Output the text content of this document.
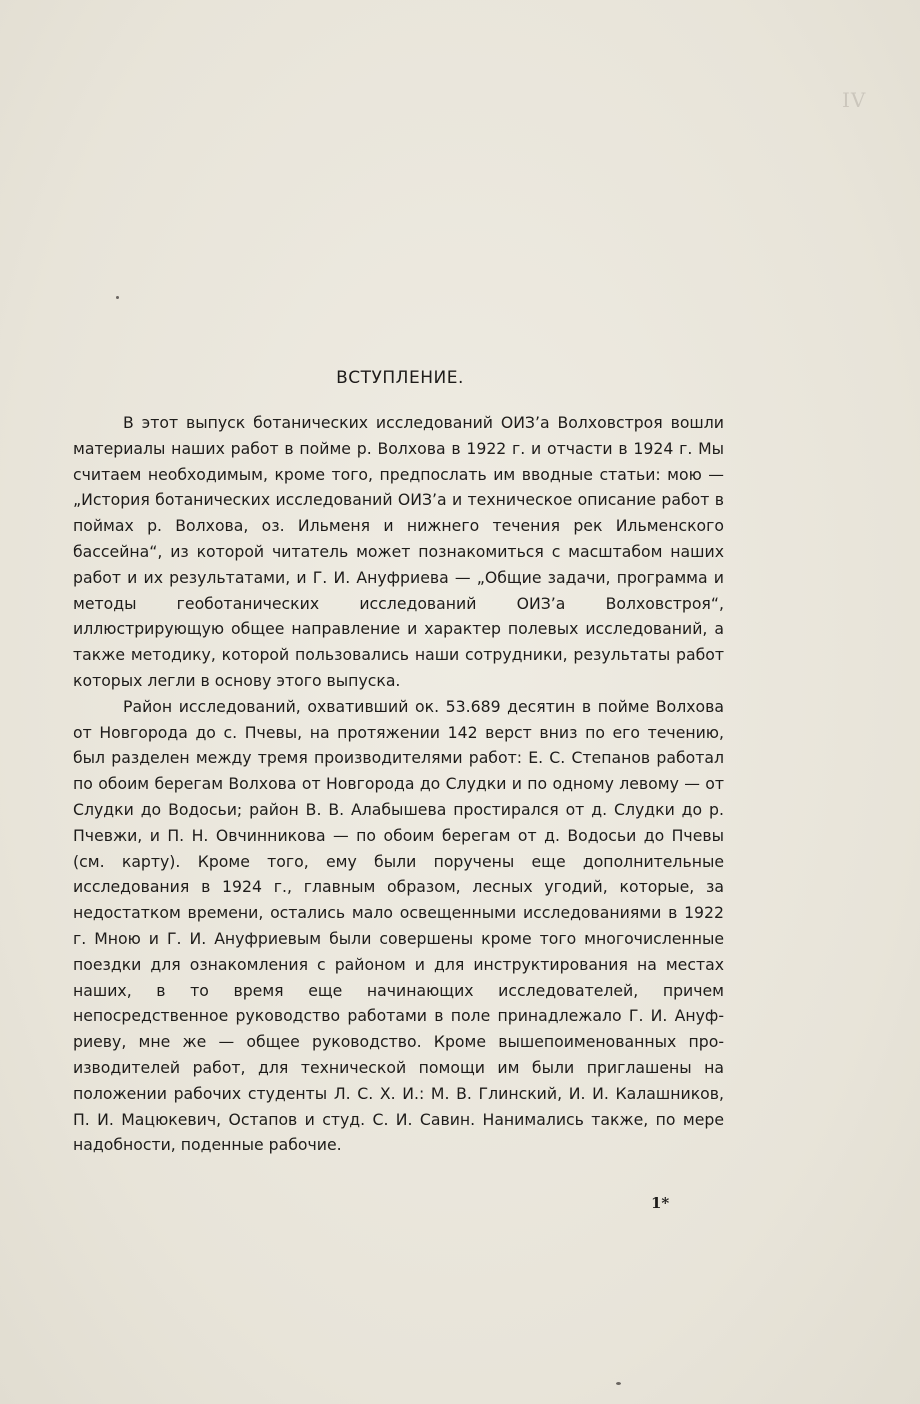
IV
ВСТУПЛЕНИЕ.

В этот выпуск ботанических исследований ОИЗ’а Волховстроя вошли материалы наших работ в пойме р. Волхова в 1922 г. и отчасти в 1924 г. Мы считаем необходимым, кроме того, предпослать им вводные статьи: мою — „История ботанических исследований ОИЗ’а и техническое описание работ в поймах р. Волхова, оз. Ильменя и нижнего течения рек Ильменского бассейна“, из которой читатель может познакомиться с масштабом наших работ и их результатами, и Г. И. Ануфриева — „Общие задачи, программа и методы геоботанических исследований ОИЗ’а Волховстроя“, иллюстрирующую общее направление и характер полевых исследований, а также методику, которой пользовались наши сотрудники, результаты работ которых легли в основу этого выпуска.

Район исследований, охвативший ок. 53.689 десятин в пойме Волхова от Новгорода до с. Пчевы, на протяжении 142 верст вниз по его течению, был разделен между тремя производителями работ: Е. С. Степанов работал по обоим берегам Волхова от Новгорода до Слудки и по одному левому — от Слудки до Водосьи; район В. В. Алабышева простирался от д. Слудки до р. Пчевжи, и П. Н. Овчинникова — по обоим берегам от д. Водосьи до Пчевы (см. карту). Кроме того, ему были поручены еще дополнительные исследования в 1924 г., главным образом, лесных угодий, которые, за недостатком времени, остались мало освещенными исследованиями в 1922 г. Мною и Г. И. Ануфриевым были совершены кроме того многочисленные поездки для ознакомления с районом и для инструктирования на местах наших, в то время еще начинающих исследователей, причем непосредственное руководство работами в поле принадлежало Г. И. Ануфриеву, мне же — общее руководство. Кроме вышепоименованных производителей работ, для технической помощи им были приглашены на положении рабочих студенты Л. С. Х. И.: М. В. Глинский, И. И. Калашников, П. И. Мацюкевич, Остапов и студ. С. И. Савин. Нанимались также, по мере надобности, поденные рабочие.

1*
